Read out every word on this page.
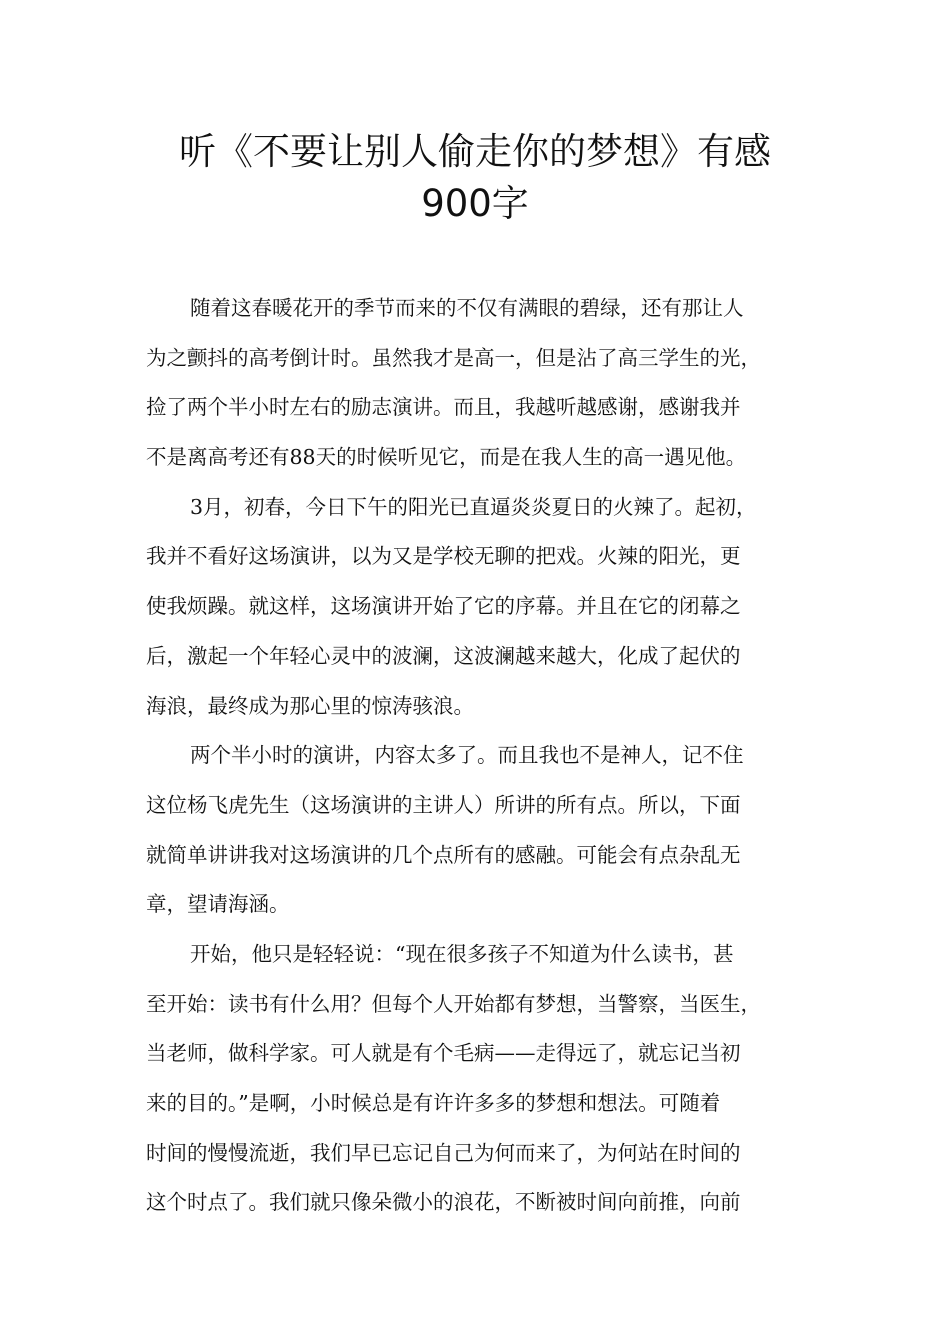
听《不要让别人偷走你的梦想》有感
900字
随着这春暖花开的季节而来的不仅有满眼的碧绿，还有那让人
为之颤抖的高考倒计时。虽然我才是高一，但是沾了高三学生的光，
捡了两个半小时左右的励志演讲。而且，我越听越感谢，感谢我并
不是离高考还有88天的时候听见它，而是在我人生的高一遇见他。
3月，初春，今日下午的阳光已直逼炎炎夏日的火辣了。起初，
我并不看好这场演讲，以为又是学校无聊的把戏。火辣的阳光，更
使我烦躁。就这样，这场演讲开始了它的序幕。并且在它的闭幕之
后，激起一个年轻心灵中的波澜，这波澜越来越大，化成了起伏的
海浪，最终成为那心里的惊涛骇浪。
两个半小时的演讲，内容太多了。而且我也不是神人，记不住
这位杨飞虎先生（这场演讲的主讲人）所讲的所有点。所以，下面
就简单讲讲我对这场演讲的几个点所有的感融。可能会有点杂乱无
章，望请海涵。
开始，他只是轻轻说：“现在很多孩子不知道为什么读书，甚
至开始：读书有什么用？但每个人开始都有梦想，当警察，当医生，
当老师，做科学家。可人就是有个毛病——走得远了，就忘记当初
来的目的。”是啊，小时候总是有许许多多的梦想和想法。可随着
时间的慢慢流逝，我们早已忘记自己为何而来了，为何站在时间的
这个时点了。我们就只像朵微小的浪花，不断被时间向前推，向前
